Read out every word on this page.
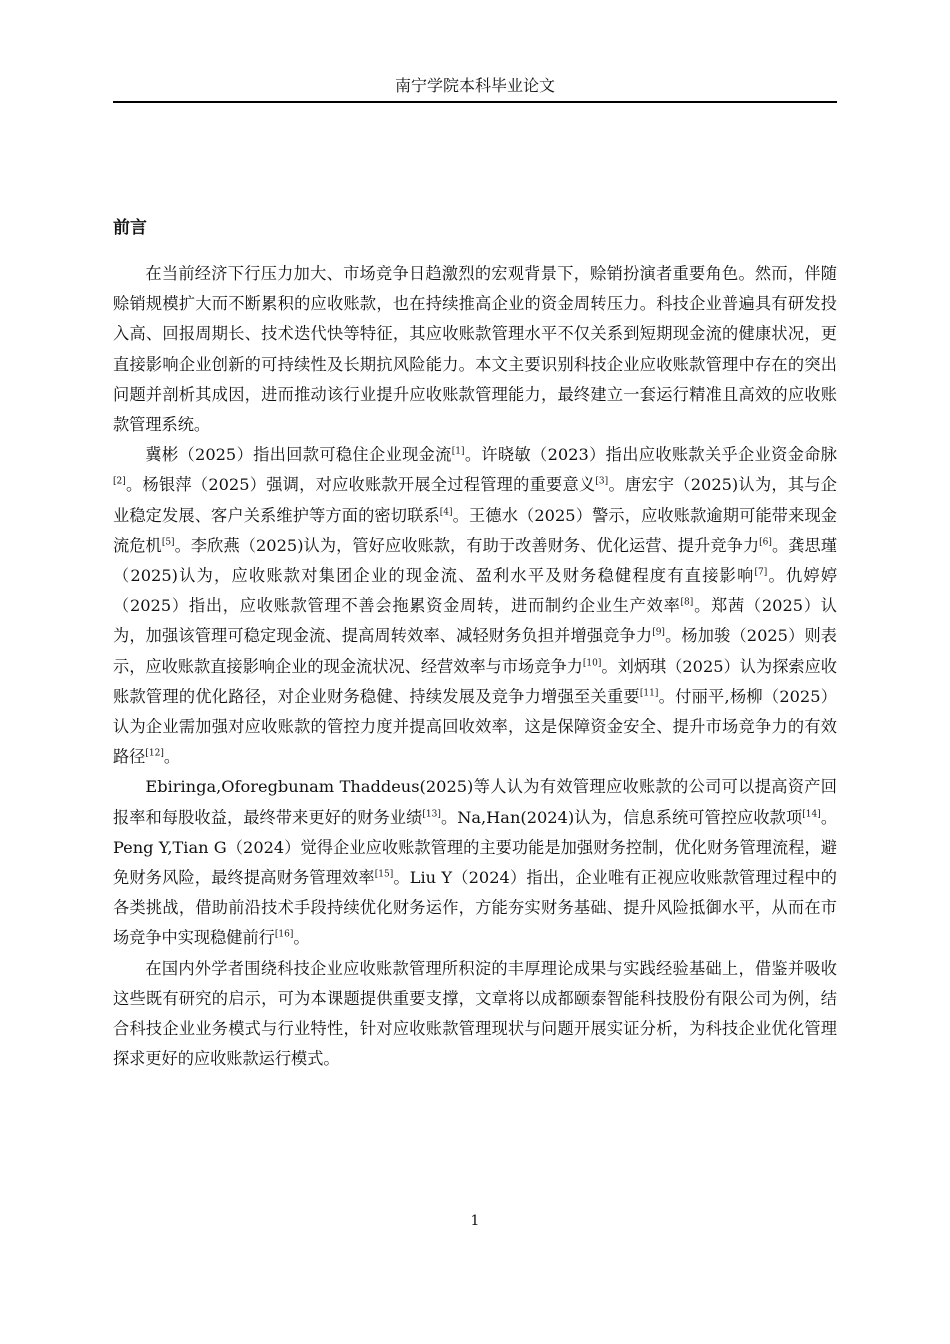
南宁学院本科毕业论文
前言

在当前经济下行压力加大、市场竞争日趋激烈的宏观背景下，赊销扮演者重要角色。然而，伴随赊销规模扩大而不断累积的应收账款，也在持续推高企业的资金周转压力。科技企业普遍具有研发投入高、回报周期长、技术迭代快等特征，其应收账款管理水平不仅关系到短期现金流的健康状况，更直接影响企业创新的可持续性及长期抗风险能力。本文主要识别科技企业应收账款管理中存在的突出问题并剖析其成因，进而推动该行业提升应收账款管理能力，最终建立一套运行精准且高效的应收账款管理系统。

冀彬（2025）指出回款可稳住企业现金流[1]。许晓敏（2023）指出应收账款关乎企业资金命脉[2]。杨银萍（2025）强调，对应收账款开展全过程管理的重要意义[3]。唐宏宇（2025)认为，其与企业稳定发展、客户关系维护等方面的密切联系[4]。王德水（2025）警示，应收账款逾期可能带来现金流危机[5]。李欣燕（2025)认为，管好应收账款，有助于改善财务、优化运营、提升竞争力[6]。龚思瑾（2025)认为，应收账款对集团企业的现金流、盈利水平及财务稳健程度有直接影响[7]。仇婷婷（2025）指出，应收账款管理不善会拖累资金周转，进而制约企业生产效率[8]。郑茜（2025）认为，加强该管理可稳定现金流、提高周转效率、减轻财务负担并增强竞争力[9]。杨加骏（2025）则表示，应收账款直接影响企业的现金流状况、经营效率与市场竞争力[10]。刘炳琪（2025）认为探索应收账款管理的优化路径，对企业财务稳健、持续发展及竞争力增强至关重要[11]。付丽平,杨柳（2025）认为企业需加强对应收账款的管控力度并提高回收效率，这是保障资金安全、提升市场竞争力的有效路径[12]。

Ebiringa,Oforegbunam Thaddeus(2025)等人认为有效管理应收账款的公司可以提高资产回报率和每股收益，最终带来更好的财务业绩[13]。Na,Han(2024)认为，信息系统可管控应收款项[14]。Peng Y,Tian G（2024）觉得企业应收账款管理的主要功能是加强财务控制，优化财务管理流程，避免财务风险，最终提高财务管理效率[15]。Liu Y（2024）指出，企业唯有正视应收账款管理过程中的各类挑战，借助前沿技术手段持续优化财务运作，方能夯实财务基础、提升风险抵御水平，从而在市场竞争中实现稳健前行[16]。

在国内外学者围绕科技企业应收账款管理所积淀的丰厚理论成果与实践经验基础上，借鉴并吸收这些既有研究的启示，可为本课题提供重要支撑，文章将以成都颐泰智能科技股份有限公司为例，结合科技企业业务模式与行业特性，针对应收账款管理现状与问题开展实证分析，为科技企业优化管理探求更好的应收账款运行模式。

1
